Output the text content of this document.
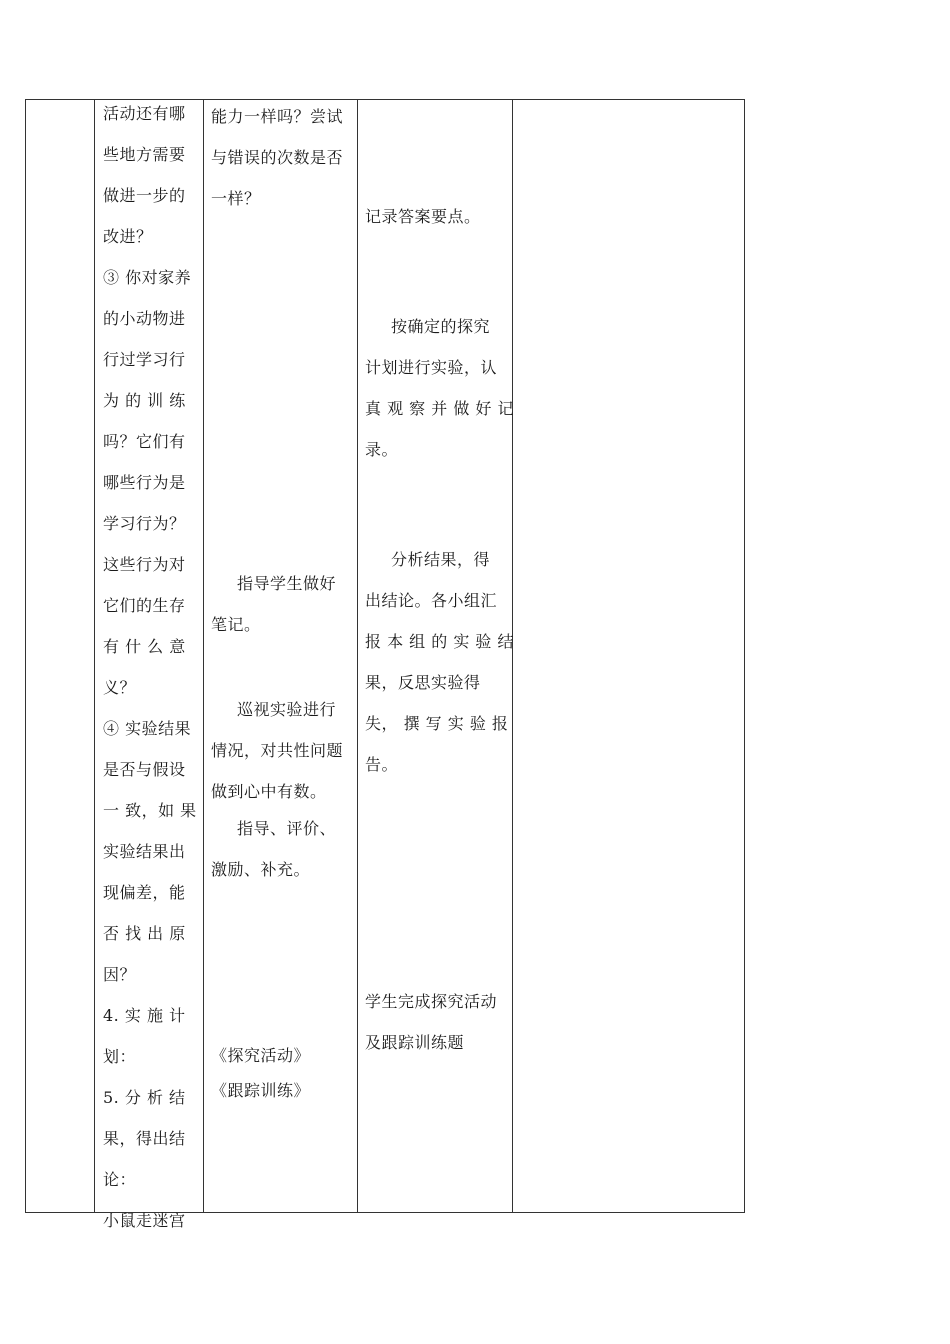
活动还有哪
些地方需要
做进一步的
改进？
③ 你对家养
的小动物进
行过学习行
为 的 训 练
吗？它们有
哪些行为是
学习行为？
这些行为对
它们的生存
有 什 么 意
义？
④ 实验结果
是否与假设
一 致，如 果
实验结果出
现偏差，能
否 找 出 原
因？
4. 实 施 计
划：
5. 分 析 结
果，得出结
论：
小鼠走迷宫
能力一样吗？尝试
与错误的次数是否
一样？
指导学生做好
笔记。
巡视实验进行
情况，对共性问题
做到心中有数。
指导、评价、
激励、补充。
《探究活动》
《跟踪训练》
记录答案要点。
按确定的探究
计划进行实验，认
真 观 察 并 做 好 记
录。
分析结果，得
出结论。各小组汇
报 本 组 的 实 验 结
果，反思实验得
失， 撰 写 实 验 报
告。
学生完成探究活动
及跟踪训练题
